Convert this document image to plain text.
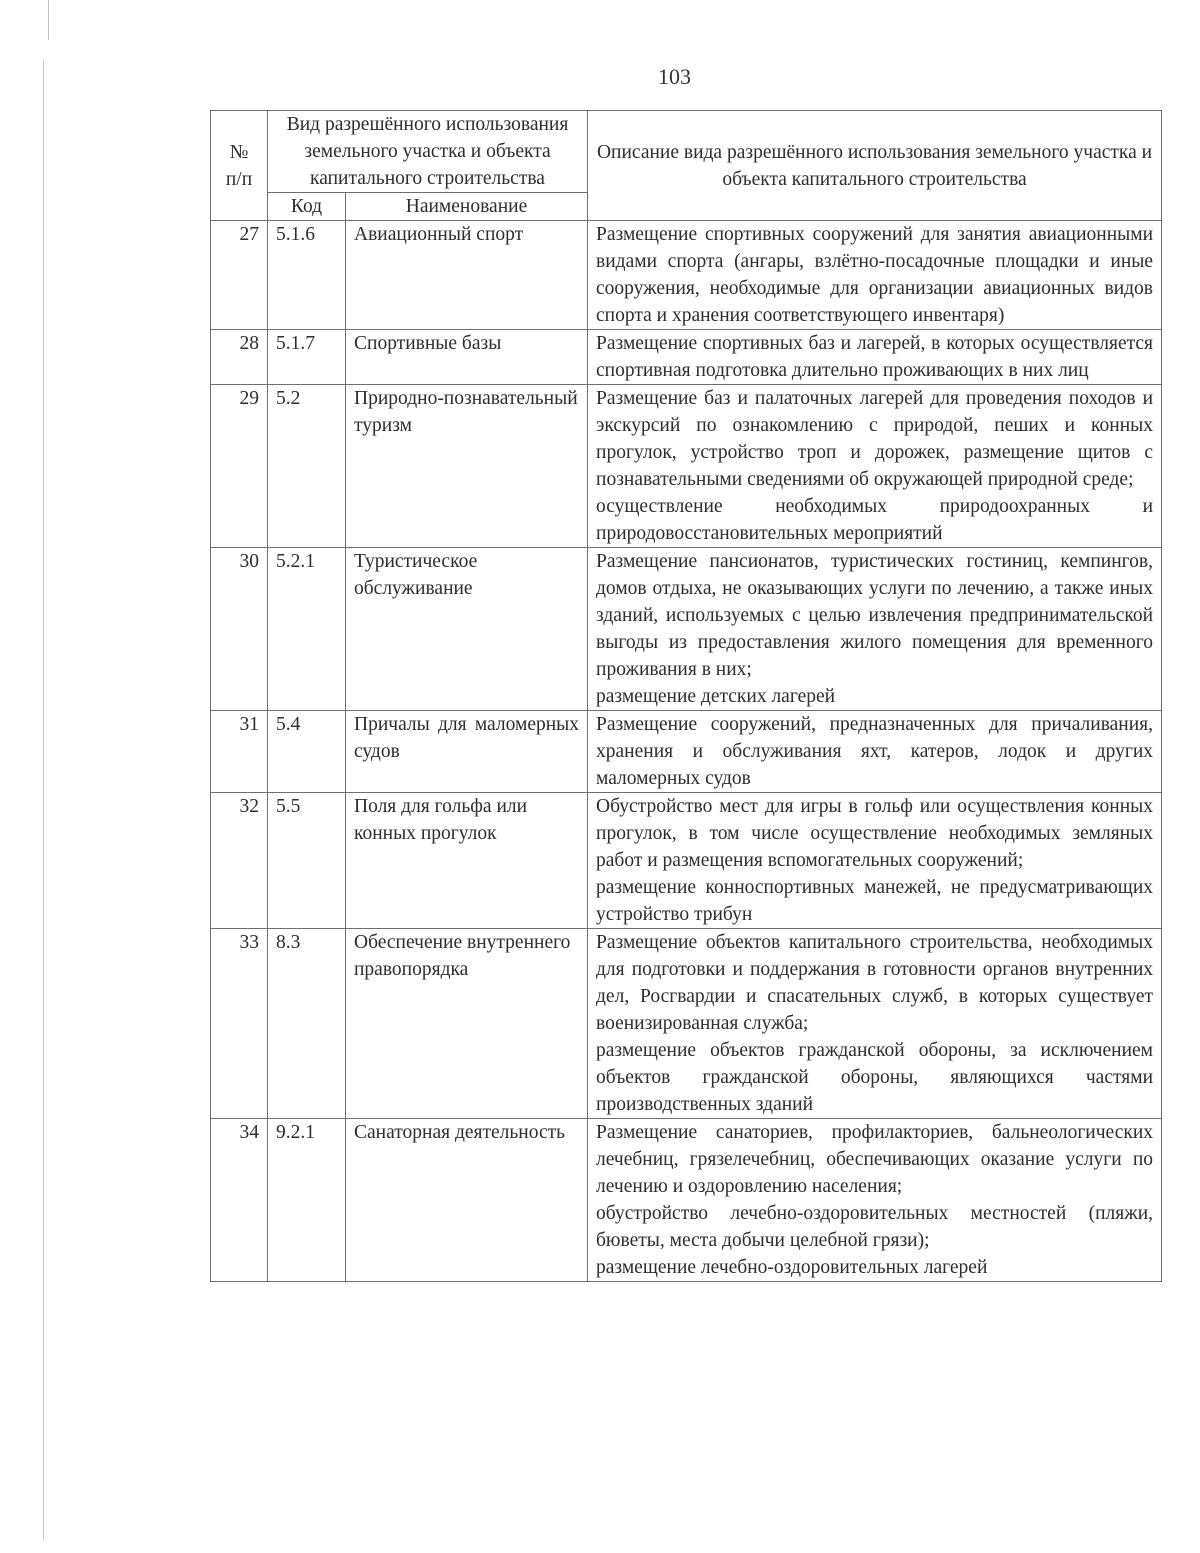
103
№
п/п	Вид разрешённого использования земельного участка и объекта капитального строительства		Описание вида разрешённого использования земельного участка и объекта капитального строительства
	Код	Наименование	
27	5.1.6	Авиационный спорт	Размещение спортивных сооружений для занятия авиационными видами спорта (ангары, взлётно-посадочные площадки и иные сооружения, необходимые для организации авиационных видов спорта и хранения соответствующего инвентаря)

28	5.1.7	Спортивные базы	Размещение спортивных баз и лагерей, в которых осуществляется спортивная подготовка длительно проживающих в них лиц

29	5.2	Природно-познавательный туризм	Размещение баз и палаточных лагерей для проведения походов и экскурсий по ознакомлению с природой, пеших и конных прогулок, устройство троп и дорожек, размещение щитов с познавательными сведениями об окружающей природной среде;
осуществление необходимых природоохранных и природовосстановительных мероприятий

30	5.2.1	Туристическое обслуживание	Размещение пансионатов, туристических гостиниц, кемпингов, домов отдыха, не оказывающих услуги по лечению, а также иных зданий, используемых с целью извлечения предпринимательской выгоды из предоставления жилого помещения для временного проживания в них;
размещение детских лагерей

31	5.4	Причалы для маломерных судов	Размещение сооружений, предназначенных для причаливания, хранения и обслуживания яхт, катеров, лодок и других маломерных судов

32	5.5	Поля для гольфа или конных прогулок	Обустройство мест для игры в гольф или осуществления конных прогулок, в том числе осуществление необходимых земляных работ и размещения вспомогательных сооружений;
размещение конноспортивных манежей, не предусматривающих устройство трибун

33	8.3	Обеспечение внутреннего правопорядка	Размещение объектов капитального строительства, необходимых для подготовки и поддержания в готовности органов внутренних дел, Росгвардии и спасательных служб, в которых существует военизированная служба;
размещение объектов гражданской обороны, за исключением объектов гражданской обороны, являющихся частями производственных зданий

34	9.2.1	Санаторная деятельность	Размещение санаториев, профилакториев, бальнеологических лечебниц, грязелечебниц, обеспечивающих оказание услуги по лечению и оздоровлению населения;
обустройство лечебно-оздоровительных местностей (пляжи, бюветы, места добычи целебной грязи);
размещение лечебно-оздоровительных лагерей
